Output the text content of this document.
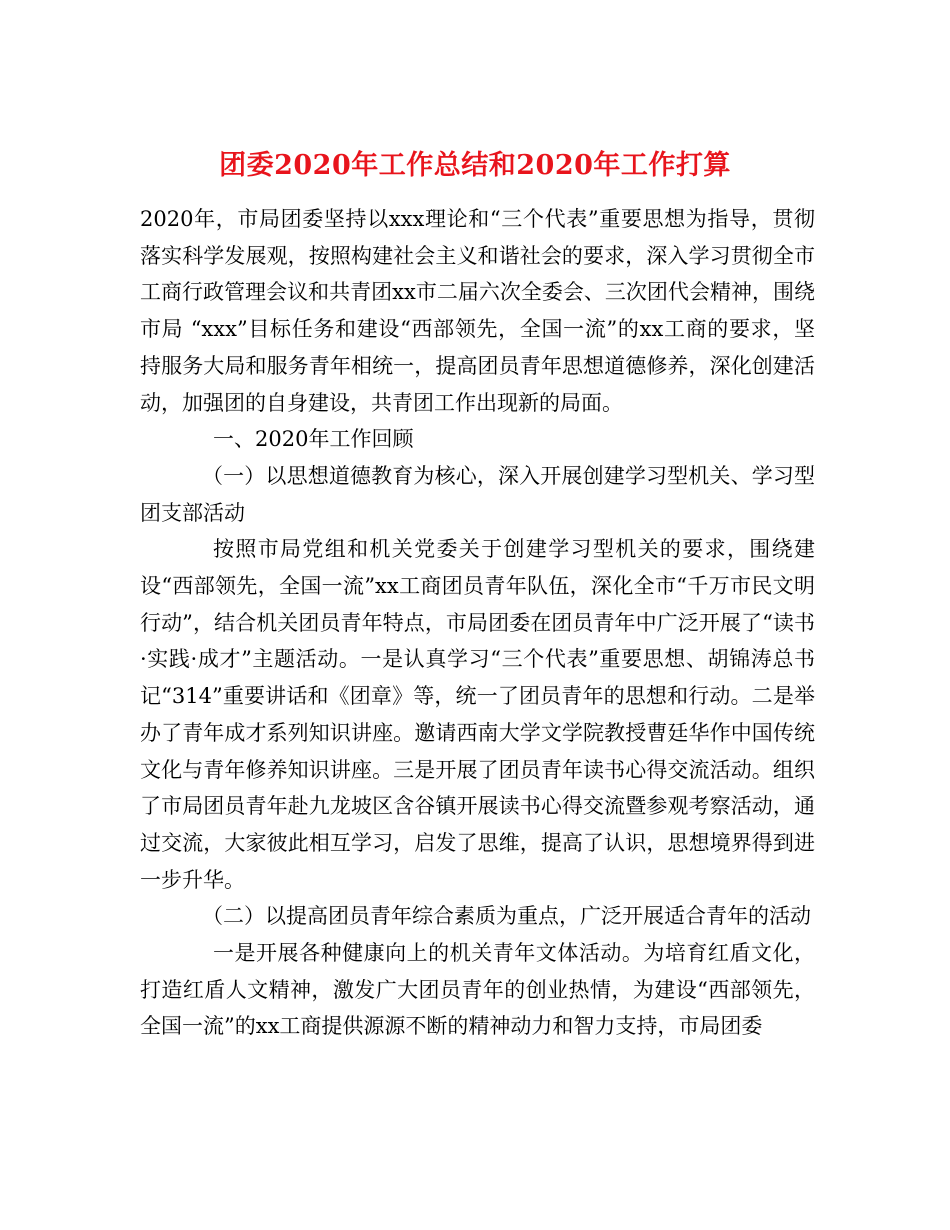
团委2020年工作总结和2020年工作打算

2020年，市局团委坚持以xxx理论和“三个代表”重要思想为指导，贯彻落实科学发展观，按照构建社会主义和谐社会的要求，深入学习贯彻全市工商行政管理会议和共青团xx市二届六次全委会、三次团代会精神，围绕市局 “xxx”目标任务和建设“西部领先，全国一流”的xx工商的要求，坚持服务大局和服务青年相统一，提高团员青年思想道德修养，深化创建活动，加强团的自身建设，共青团工作出现新的局面。

一、2020年工作回顾

（一）以思想道德教育为核心，深入开展创建学习型机关、学习型团支部活动

按照市局党组和机关党委关于创建学习型机关的要求，围绕建设“西部领先，全国一流”xx工商团员青年队伍，深化全市“千万市民文明行动”，结合机关团员青年特点，市局团委在团员青年中广泛开展了“读书·实践·成才”主题活动。一是认真学习“三个代表”重要思想、胡锦涛总书记“314”重要讲话和《团章》等，统一了团员青年的思想和行动。二是举办了青年成才系列知识讲座。邀请西南大学文学院教授曹廷华作中国传统文化与青年修养知识讲座。三是开展了团员青年读书心得交流活动。组织了市局团员青年赴九龙坡区含谷镇开展读书心得交流暨参观考察活动，通过交流，大家彼此相互学习，启发了思维，提高了认识，思想境界得到进一步升华。

（二）以提高团员青年综合素质为重点，广泛开展适合青年的活动

一是开展各种健康向上的机关青年文体活动。为培育红盾文化，打造红盾人文精神，激发广大团员青年的创业热情，为建设“西部领先，全国一流”的xx工商提供源源不断的精神动力和智力支持，市局团委
